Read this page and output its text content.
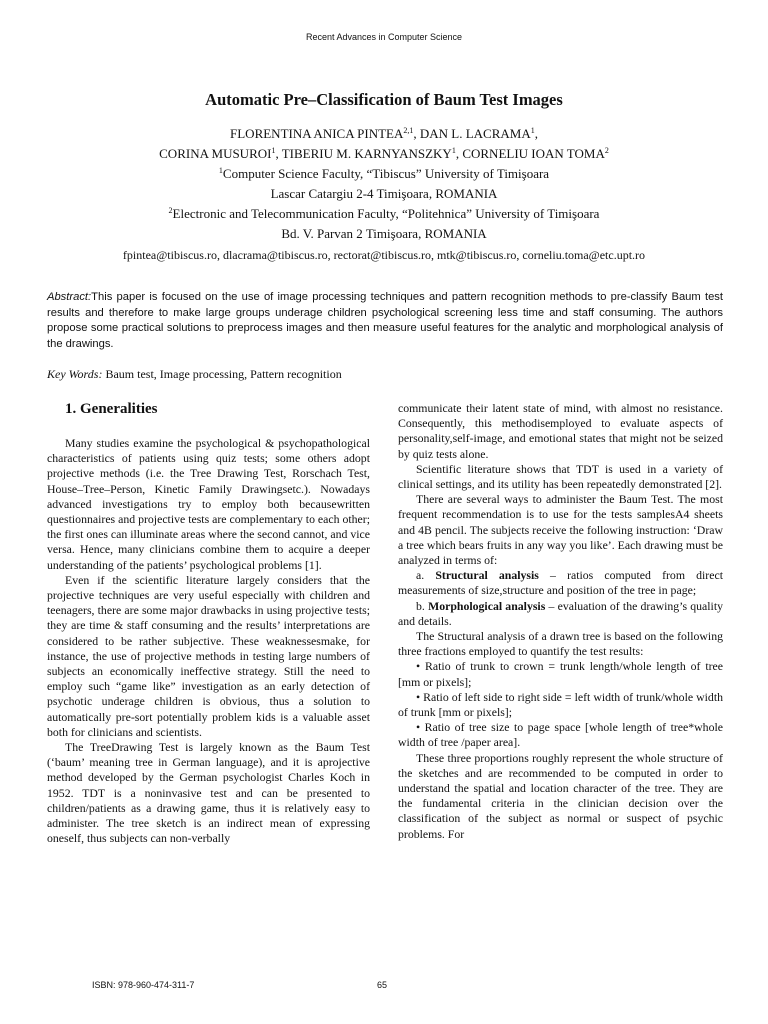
Recent Advances in Computer Science
Automatic Pre–Classification of Baum Test Images
FLORENTINA ANICA PINTEA$^{2,1}$, DAN L. LACRAMA$^1$,
CORINA MUSUROI$^1$, TIBERIU M. KARNYANSZKY$^1$, CORNELIU IOAN TOMA$^2$
$^1$Computer Science Faculty, “Tibiscus” University of Timişoara
Lascar Catargiu 2-4 Timişoara, ROMANIA
$^2$Electronic and Telecommunication Faculty, “Politehnica” University of Timişoara
Bd. V. Parvan 2 Timişoara, ROMANIA
fpintea@tibiscus.ro, dlacrama@tibiscus.ro, rectorat@tibiscus.ro, mtk@tibiscus.ro, corneliu.toma@etc.upt.ro
Abstract:This paper is focused on the use of image processing techniques and pattern recognition methods to pre-classify Baum test results and therefore to make large groups underage children psychological screening less time and staff consuming. The authors propose some practical solutions to preprocess images and then measure useful features for the analytic and morphological analysis of the drawings.
Key Words: Baum test, Image processing, Pattern recognition
1. Generalities

Many studies examine the psychological & psychopathological characteristics of patients using quiz tests; some others adopt projective methods (i.e. the Tree Drawing Test, Rorschach Test, House–Tree–Person, Kinetic Family Drawingsetc.). Nowadays advanced investigations try to employ both becausewritten questionnaires and projective tests are complementary to each other; the first ones can illuminate areas where the second cannot, and vice versa. Hence, many clinicians combine them to acquire a deeper understanding of the patients’ psychological problems [1].

Even if the scientific literature largely considers that the projective techniques are very useful especially with children and teenagers, there are some major drawbacks in using projective tests; they are time & staff consuming and the results’ interpretations are considered to be rather subjective. These weaknessesmake, for instance, the use of projective methods in testing large numbers of subjects an economically ineffective strategy. Still the need to employ such “game like” investigation as an early detection of psychotic underage children is obvious, thus a solution to automatically pre-sort potentially problem kids is a valuable asset both for clinicians and scientists.

The TreeDrawing Test is largely known as the Baum Test (‘baum’ meaning tree in German language), and it is aprojective method developed by the German psychologist Charles Koch in 1952. TDT is a noninvasive test and can be presented to children/patients as a drawing game, thus it is relatively easy to administer. The tree sketch is an indirect mean of expressing oneself, thus subjects can non-verbally

communicate their latent state of mind, with almost no resistance. Consequently, this methodisemployed to evaluate aspects of personality,self-image, and emotional states that might not be seized by quiz tests alone.

Scientific literature shows that TDT is used in a variety of clinical settings, and its utility has been repeatedly demonstrated [2].

There are several ways to administer the Baum Test. The most frequent recommendation is to use for the tests samplesA4 sheets and 4B pencil. The subjects receive the following instruction: ‘Draw a tree which bears fruits in any way you like’. Each drawing must be analyzed in terms of:

a. Structural analysis – ratios computed from direct measurements of size,structure and position of the tree in page;

b. Morphological analysis – evaluation of the drawing’s quality and details.

The Structural analysis of a drawn tree is based on the following three fractions employed to quantify the test results:

• Ratio of trunk to crown = trunk length/whole length of tree [mm or pixels];

• Ratio of left side to right side = left width of trunk/whole width of trunk [mm or pixels];

• Ratio of tree size to page space [whole length of tree*whole width of tree /paper area].

These three proportions roughly represent the whole structure of the sketches and are recommended to be computed in order to understand the spatial and location character of the tree. They are the fundamental criteria in the clinician decision over the classification of the subject as normal or suspect of psychic problems. For

ISBN: 978-960-474-311-7	65
